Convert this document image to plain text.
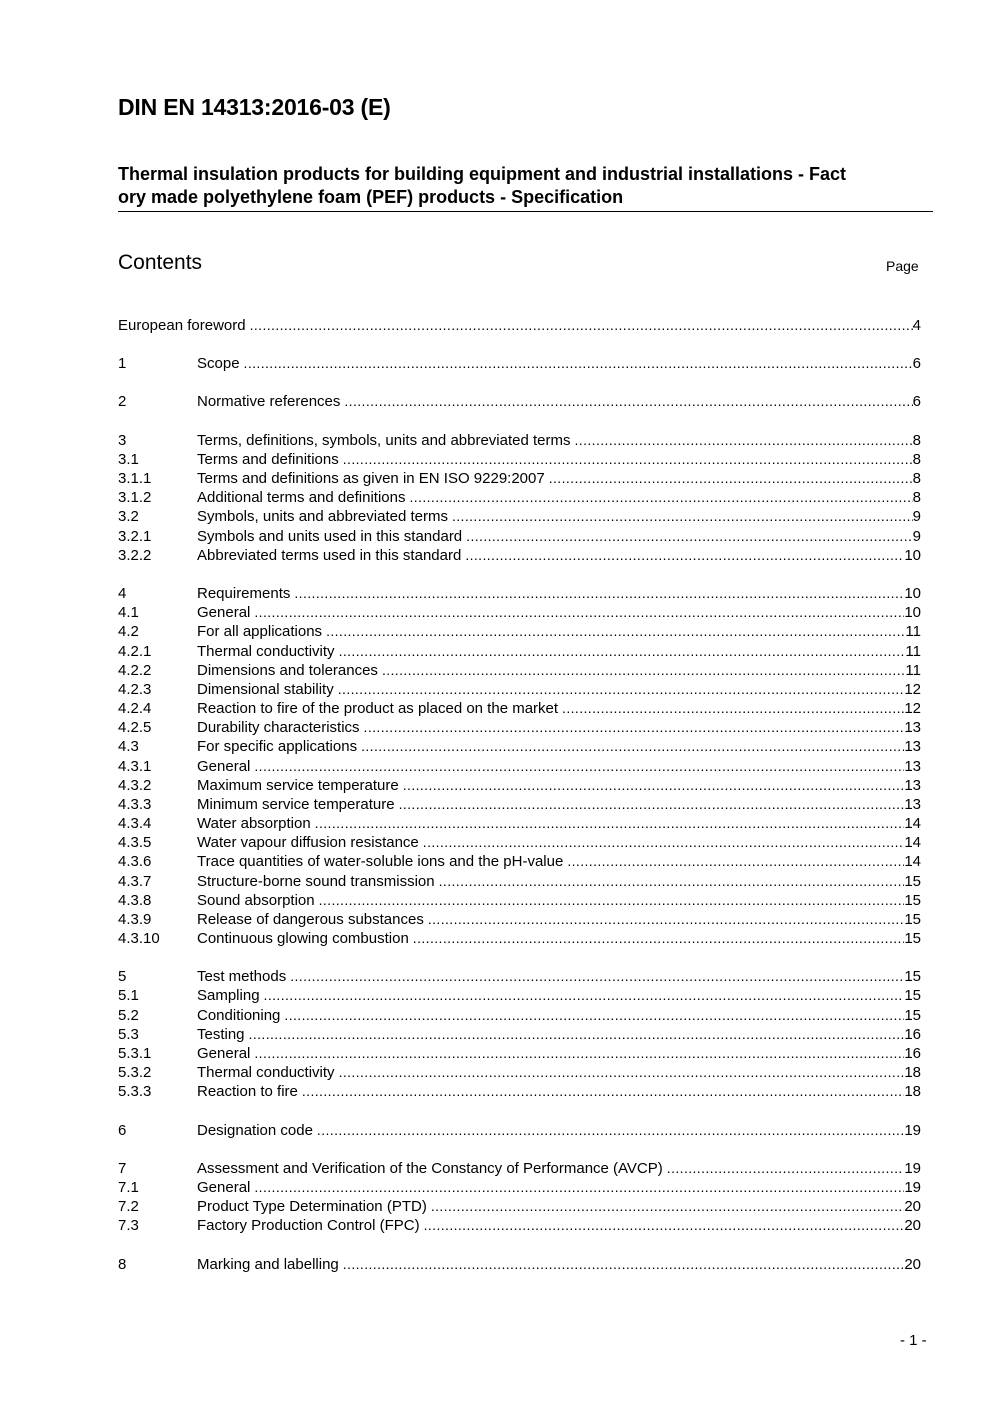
DIN EN 14313:2016-03 (E)
Thermal insulation products for building equipment and industrial installations - Fact
ory made polyethylene foam (PEF) products - Specification
Contents	Page
European foreword .....	4
1	Scope .....	6
2	Normative references .....	6
3	Terms, definitions, symbols, units and abbreviated terms .....	8
3.1	Terms and definitions .....	8
3.1.1	Terms and definitions as given in EN ISO 9229:2007 .....	8
3.1.2	Additional terms and definitions .....	8
3.2	Symbols, units and abbreviated terms .....	9
3.2.1	Symbols and units used in this standard .....	9
3.2.2	Abbreviated terms used in this standard .....	10
4	Requirements .....	10
4.1	General .....	10
4.2	For all applications .....	11
4.2.1	Thermal conductivity .....	11
4.2.2	Dimensions and tolerances .....	11
4.2.3	Dimensional stability .....	12
4.2.4	Reaction to fire of the product as placed on the market .....	12
4.2.5	Durability characteristics .....	13
4.3	For specific applications .....	13
4.3.1	General .....	13
4.3.2	Maximum service temperature .....	13
4.3.3	Minimum service temperature .....	13
4.3.4	Water absorption .....	14
4.3.5	Water vapour diffusion resistance .....	14
4.3.6	Trace quantities of water-soluble ions and the pH-value .....	14
4.3.7	Structure-borne sound transmission .....	15
4.3.8	Sound absorption .....	15
4.3.9	Release of dangerous substances .....	15
4.3.10	Continuous glowing combustion .....	15
5	Test methods .....	15
5.1	Sampling .....	15
5.2	Conditioning .....	15
5.3	Testing .....	16
5.3.1	General .....	16
5.3.2	Thermal conductivity .....	18
5.3.3	Reaction to fire .....	18
6	Designation code .....	19
7	Assessment and Verification of the Constancy of Performance (AVCP) .....	19
7.1	General .....	19
7.2	Product Type Determination (PTD) .....	20
7.3	Factory Production Control (FPC) .....	20
8	Marking and labelling .....	20
- 1 -
